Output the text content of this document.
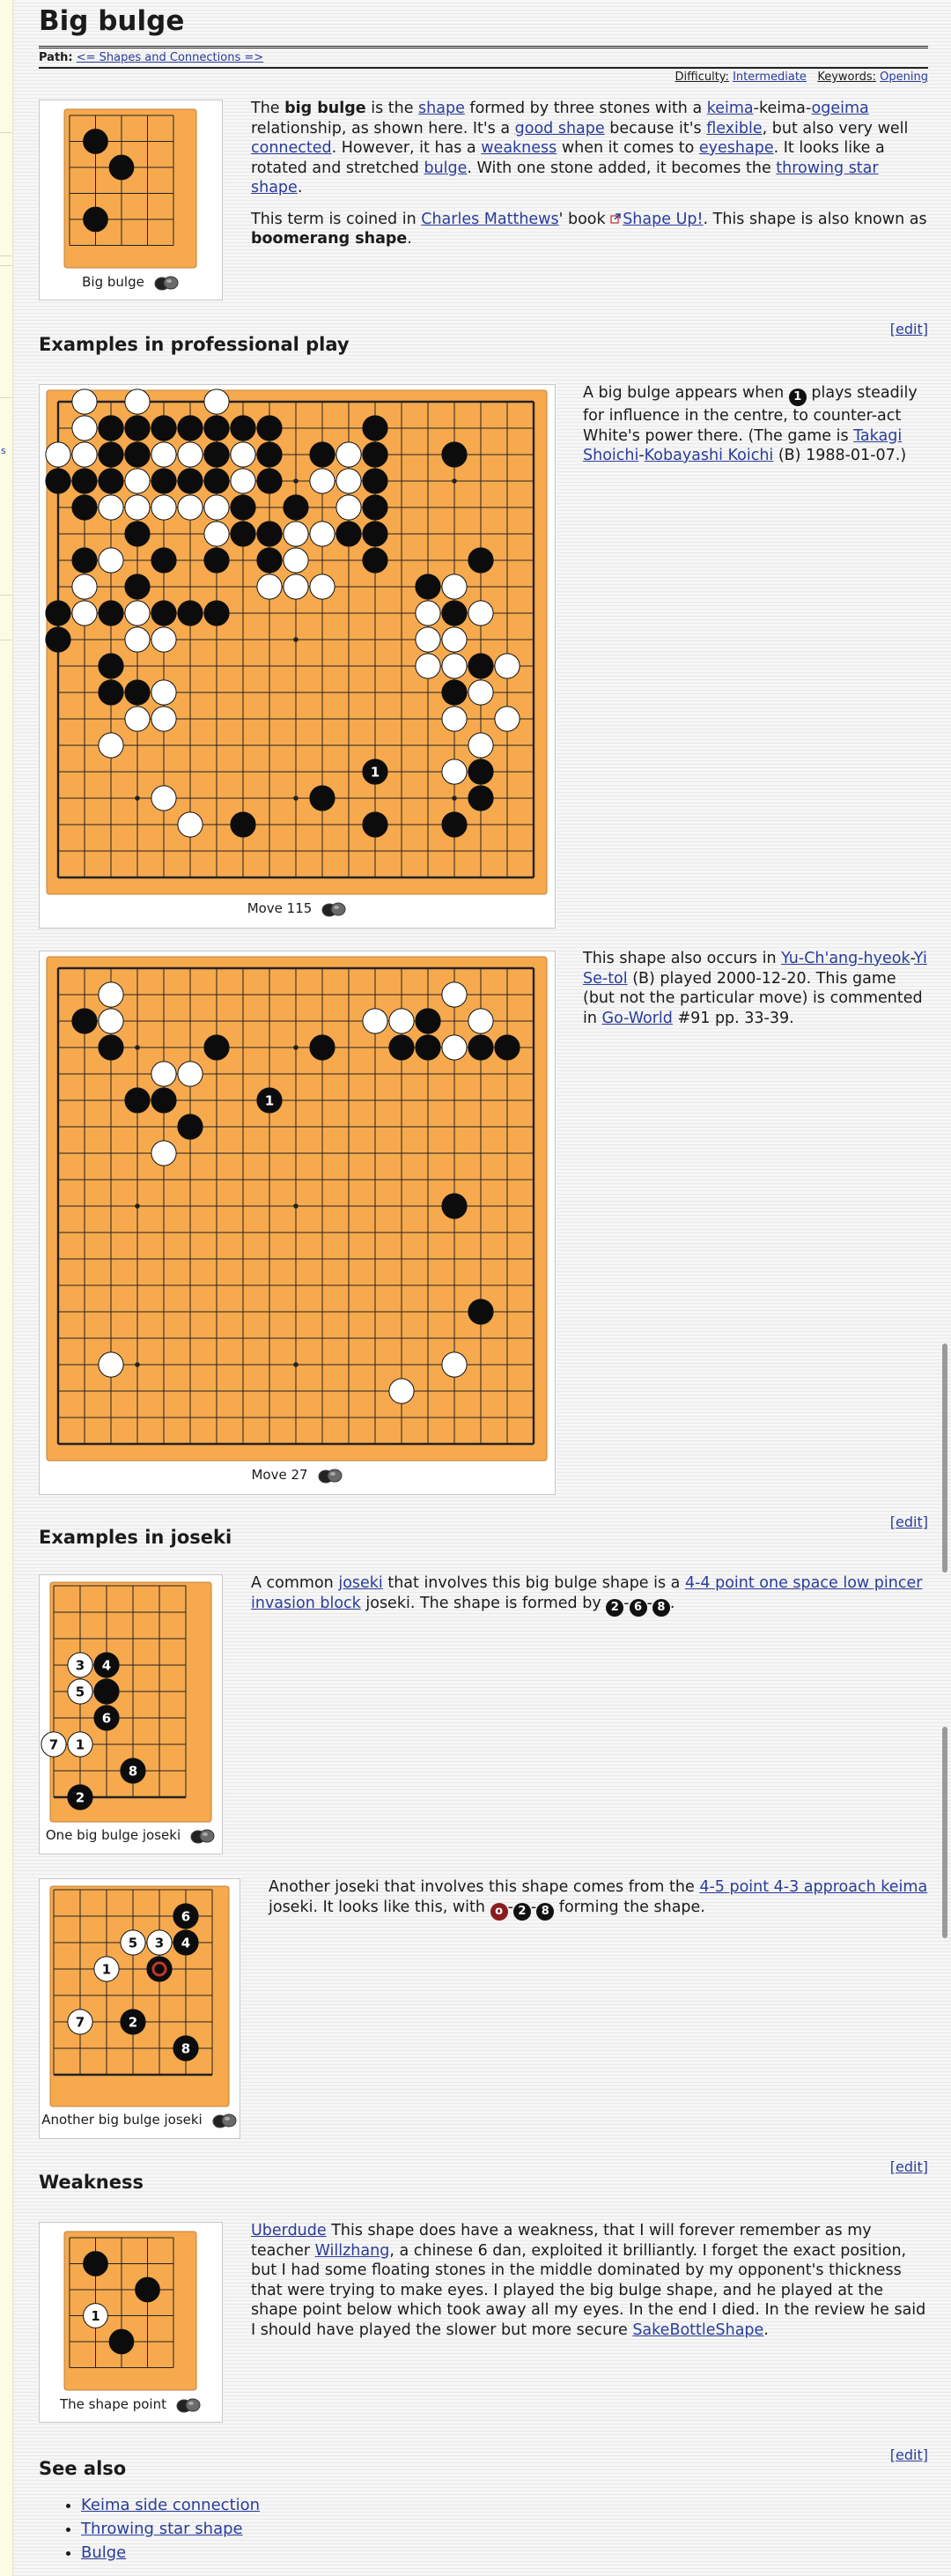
s
Big bulge
Path: <= Shapes and Connections =>
Difficulty: Intermediate Keywords: Opening
Big bulge

The big bulge is the shape formed by three stones with a keima-keima-ogeima relationship, as shown here. It's a good shape because it's flexible, but also very well connected. However, it has a weakness when it comes to eyeshape. It looks like a rotated and stretched bulge. With one stone added, it becomes the throwing star shape.

This term is coined in Charles Matthews' book Shape Up!. This shape is also known as boomerang shape.

[edit]
Examples in professional play
1
Move 115

A big bulge appears when 1 plays steadily for influence in the centre, to counter-act White's power there. (The game is Takagi Shoichi-Kobayashi Koichi (B) 1988-01-07.)

1
Move 27

This shape also occurs in Yu-Ch'ang-hyeok-Yi Se-tol (B) played 2000-12-20. This game (but not the particular move) is commented in Go-World #91 pp. 33-39.

[edit]
Examples in joseki
3 4
5
6
7 1
8
2
One big bulge joseki

A common joseki that involves this big bulge shape is a 4-4 point one space low pincer invasion block joseki. The shape is formed by 2 - 6 - 8 .

6
5 3 4
1
7	2
8
Another big bulge joseki

Another joseki that involves this shape comes from the 4-5 point 4-3 approach keima joseki. It looks like this, with o - 2 - 8 forming the shape.

[edit]
Weakness
1
The shape point

Uberdude This shape does have a weakness, that I will forever remember as my teacher Willzhang, a chinese 6 dan, exploited it brilliantly. I forget the exact position, but I had some floating stones in the middle dominated by my opponent's thickness that were trying to make eyes. I played the big bulge shape, and he played at the shape point below which took away all my eyes. In the end I died. In the review he said I should have played the slower but more secure SakeBottleShape.

[edit]
See also
• Keima side connection
• Throwing star shape
• Bulge
